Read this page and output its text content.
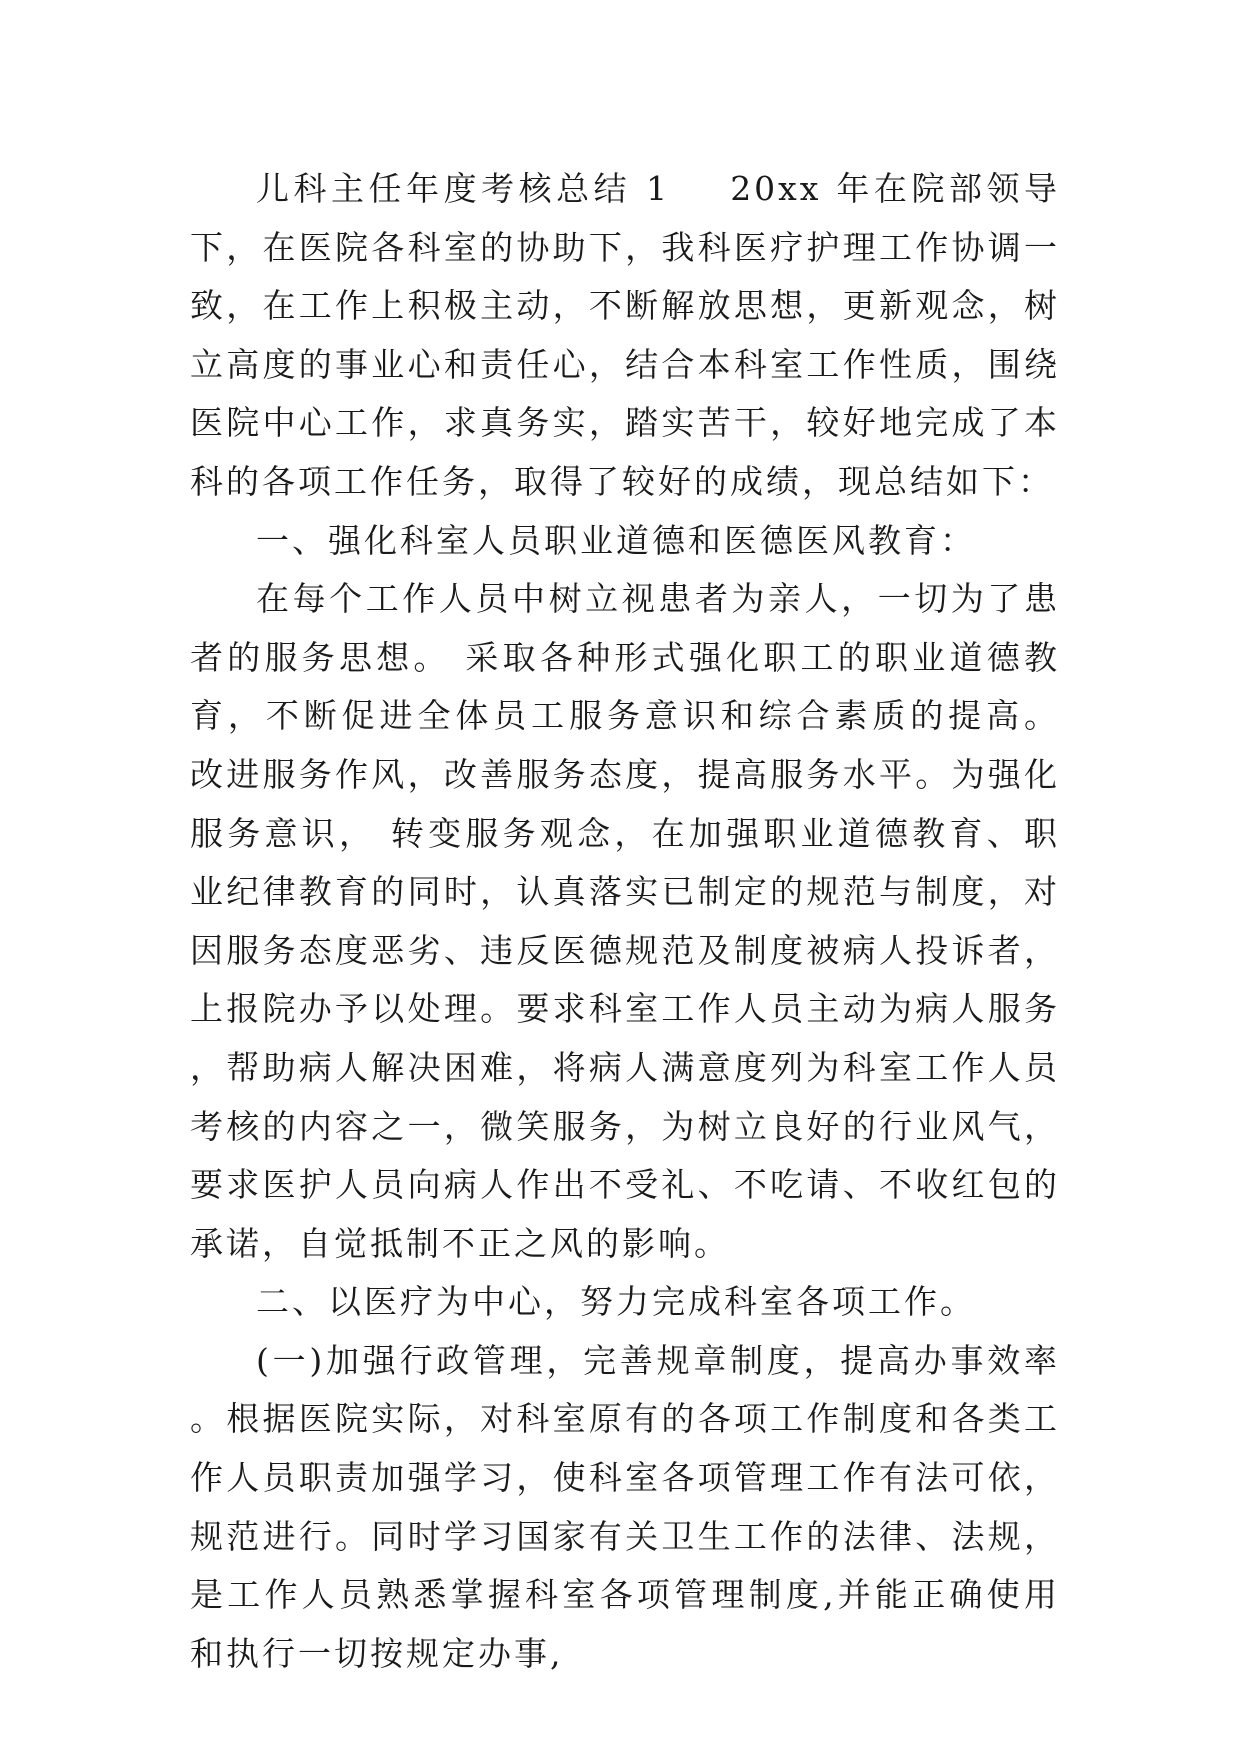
儿科主任年度考核总结 1 20xx 年在院部领导下，在医院各科室的协助下，我科医疗护理工作协调一致，在工作上积极主动，不断解放思想，更新观念，树立高度的事业心和责任心，结合本科室工作性质，围绕医院中心工作，求真务实，踏实苦干，较好地完成了本科的各项工作任务，取得了较好的成绩，现总结如下：

一、强化科室人员职业道德和医德医风教育：

在每个工作人员中树立视患者为亲人，一切为了患者的服务思想。 采取各种形式强化职工的职业道德教育，不断促进全体员工服务意识和综合素质的提高。 改进服务作风，改善服务态度，提高服务水平。为强化服务意识， 转变服务观念，在加强职业道德教育、职业纪律教育的同时，认真落实已制定的规范与制度，对因服务态度恶劣、违反医德规范及制度被病人投诉者，上报院办予以处理。要求科室工作人员主动为病人服务，帮助病人解决困难，将病人满意度列为科室工作人员考核的内容之一，微笑服务，为树立良好的行业风气， 要求医护人员向病人作出不受礼、不吃请、不收红包的承诺，自觉抵制不正之风的影响。

二、以医疗为中心，努力完成科室各项工作。

(一)加强行政管理，完善规章制度，提高办事效率。根据医院实际，对科室原有的各项工作制度和各类工作人员职责加强学习，使科室各项管理工作有法可依，规范进行。同时学习国家有关卫生工作的法律、法规，是工作人员熟悉掌握科室各项管理制度,并能正确使用和执行一切按规定办事,
